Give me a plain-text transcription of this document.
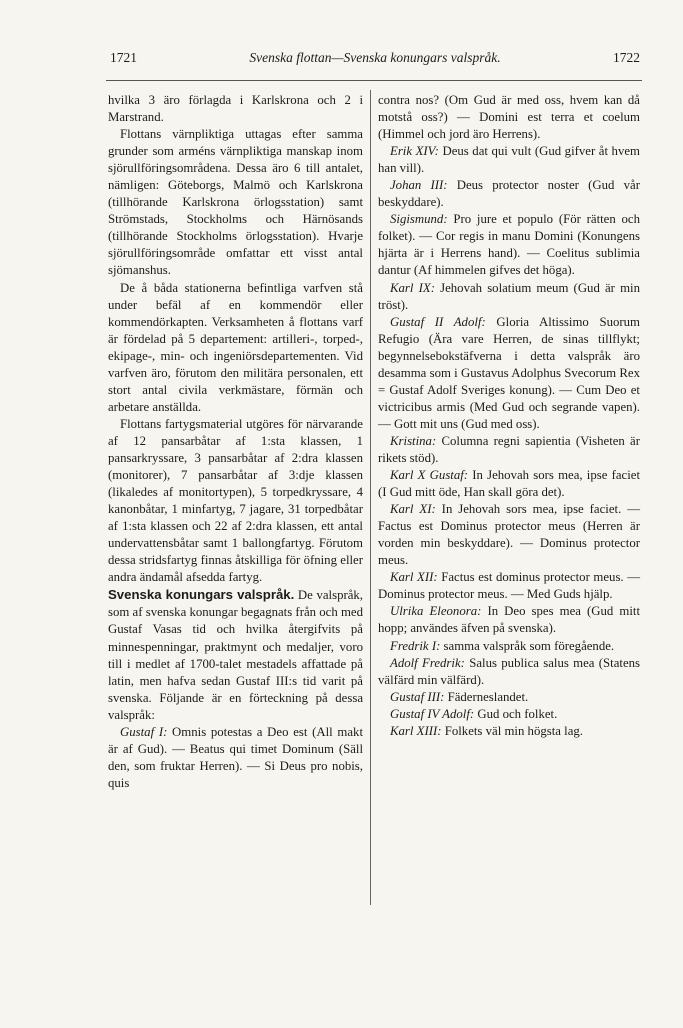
1721	Svenska flottan—Svenska konungars valspråk.	1722

hvilka 3 äro förlagda i Karlskrona och 2 i Marstrand.

Flottans värnpliktiga uttagas efter samma grunder som arméns värnpliktiga manskap inom sjörullföringsområdena. Dessa äro 6 till antalet, nämligen: Göteborgs, Malmö och Karlskrona (tillhörande Karlskrona örlogsstation) samt Strömstads, Stockholms och Härnösands (tillhörande Stockholms örlogsstation). Hvarje sjörullföringsområde omfattar ett visst antal sjömanshus.

De å båda stationerna befintliga varfven stå under befäl af en kommendör eller kommendörkapten. Verksamheten å flottans varf är fördelad på 5 departement: artilleri-, torped-, ekipage-, min- och ingeniörsdepartementen. Vid varfven äro, förutom den militära personalen, ett stort antal civila verkmästare, förmän och arbetare anställda.

Flottans fartygsmaterial utgöres för närvarande af 12 pansarbåtar af 1:sta klassen, 1 pansarkryssare, 3 pansarbåtar af 2:dra klassen (monitorer), 7 pansarbåtar af 3:dje klassen (likaledes af monitortypen), 5 torpedkryssare, 4 kanonbåtar, 1 minfartyg, 7 jagare, 31 torpedbåtar af 1:sta klassen och 22 af 2:dra klassen, ett antal undervattensbåtar samt 1 ballongfartyg. Förutom dessa stridsfartyg finnas åtskilliga för öfning eller andra ändamål afsedda fartyg.

Svenska konungars valspråk. De valspråk, som af svenska konungar begagnats från och med Gustaf Vasas tid och hvilka återgifvits på minnespenningar, praktmynt och medaljer, voro till i medlet af 1700-talet mestadels affattade på latin, men hafva sedan Gustaf III:s tid varit på svenska. Följande är en förteckning på dessa valspråk:

Gustaf I: Omnis potestas a Deo est (All makt är af Gud). — Beatus qui timet Dominum (Säll den, som fruktar Herren). — Si Deus pro nobis, quis

contra nos? (Om Gud är med oss, hvem kan då motstå oss?) — Domini est terra et coelum (Himmel och jord äro Herrens).

Erik XIV: Deus dat qui vult (Gud gifver åt hvem han vill).

Johan III: Deus protector noster (Gud vår beskyddare).

Sigismund: Pro jure et populo (För rätten och folket). — Cor regis in manu Domini (Konungens hjärta är i Herrens hand). — Coelitus sublimia dantur (Af himmelen gifves det höga).

Karl IX: Jehovah solatium meum (Gud är min tröst).

Gustaf II Adolf: Gloria Altissimo Suorum Refugio (Ära vare Herren, de sinas tillflykt; begynnelsebokstäfverna i detta valspråk äro desamma som i Gustavus Adolphus Svecorum Rex = Gustaf Adolf Sveriges konung). — Cum Deo et victricibus armis (Med Gud och segrande vapen). — Gott mit uns (Gud med oss).

Kristina: Columna regni sapientia (Visheten är rikets stöd).

Karl X Gustaf: In Jehovah sors mea, ipse faciet (I Gud mitt öde, Han skall göra det).

Karl XI: In Jehovah sors mea, ipse faciet. — Factus est Dominus protector meus (Herren är vorden min beskyddare). — Dominus protector meus.

Karl XII: Factus est dominus protector meus. — Dominus protector meus. — Med Guds hjälp.

Ulrika Eleonora: In Deo spes mea (Gud mitt hopp; användes äfven på svenska).

Fredrik I: samma valspråk som föregående.

Adolf Fredrik: Salus publica salus mea (Statens välfärd min välfärd).

Gustaf III: Fäderneslandet.

Gustaf IV Adolf: Gud och folket.

Karl XIII: Folkets väl min högsta lag.
